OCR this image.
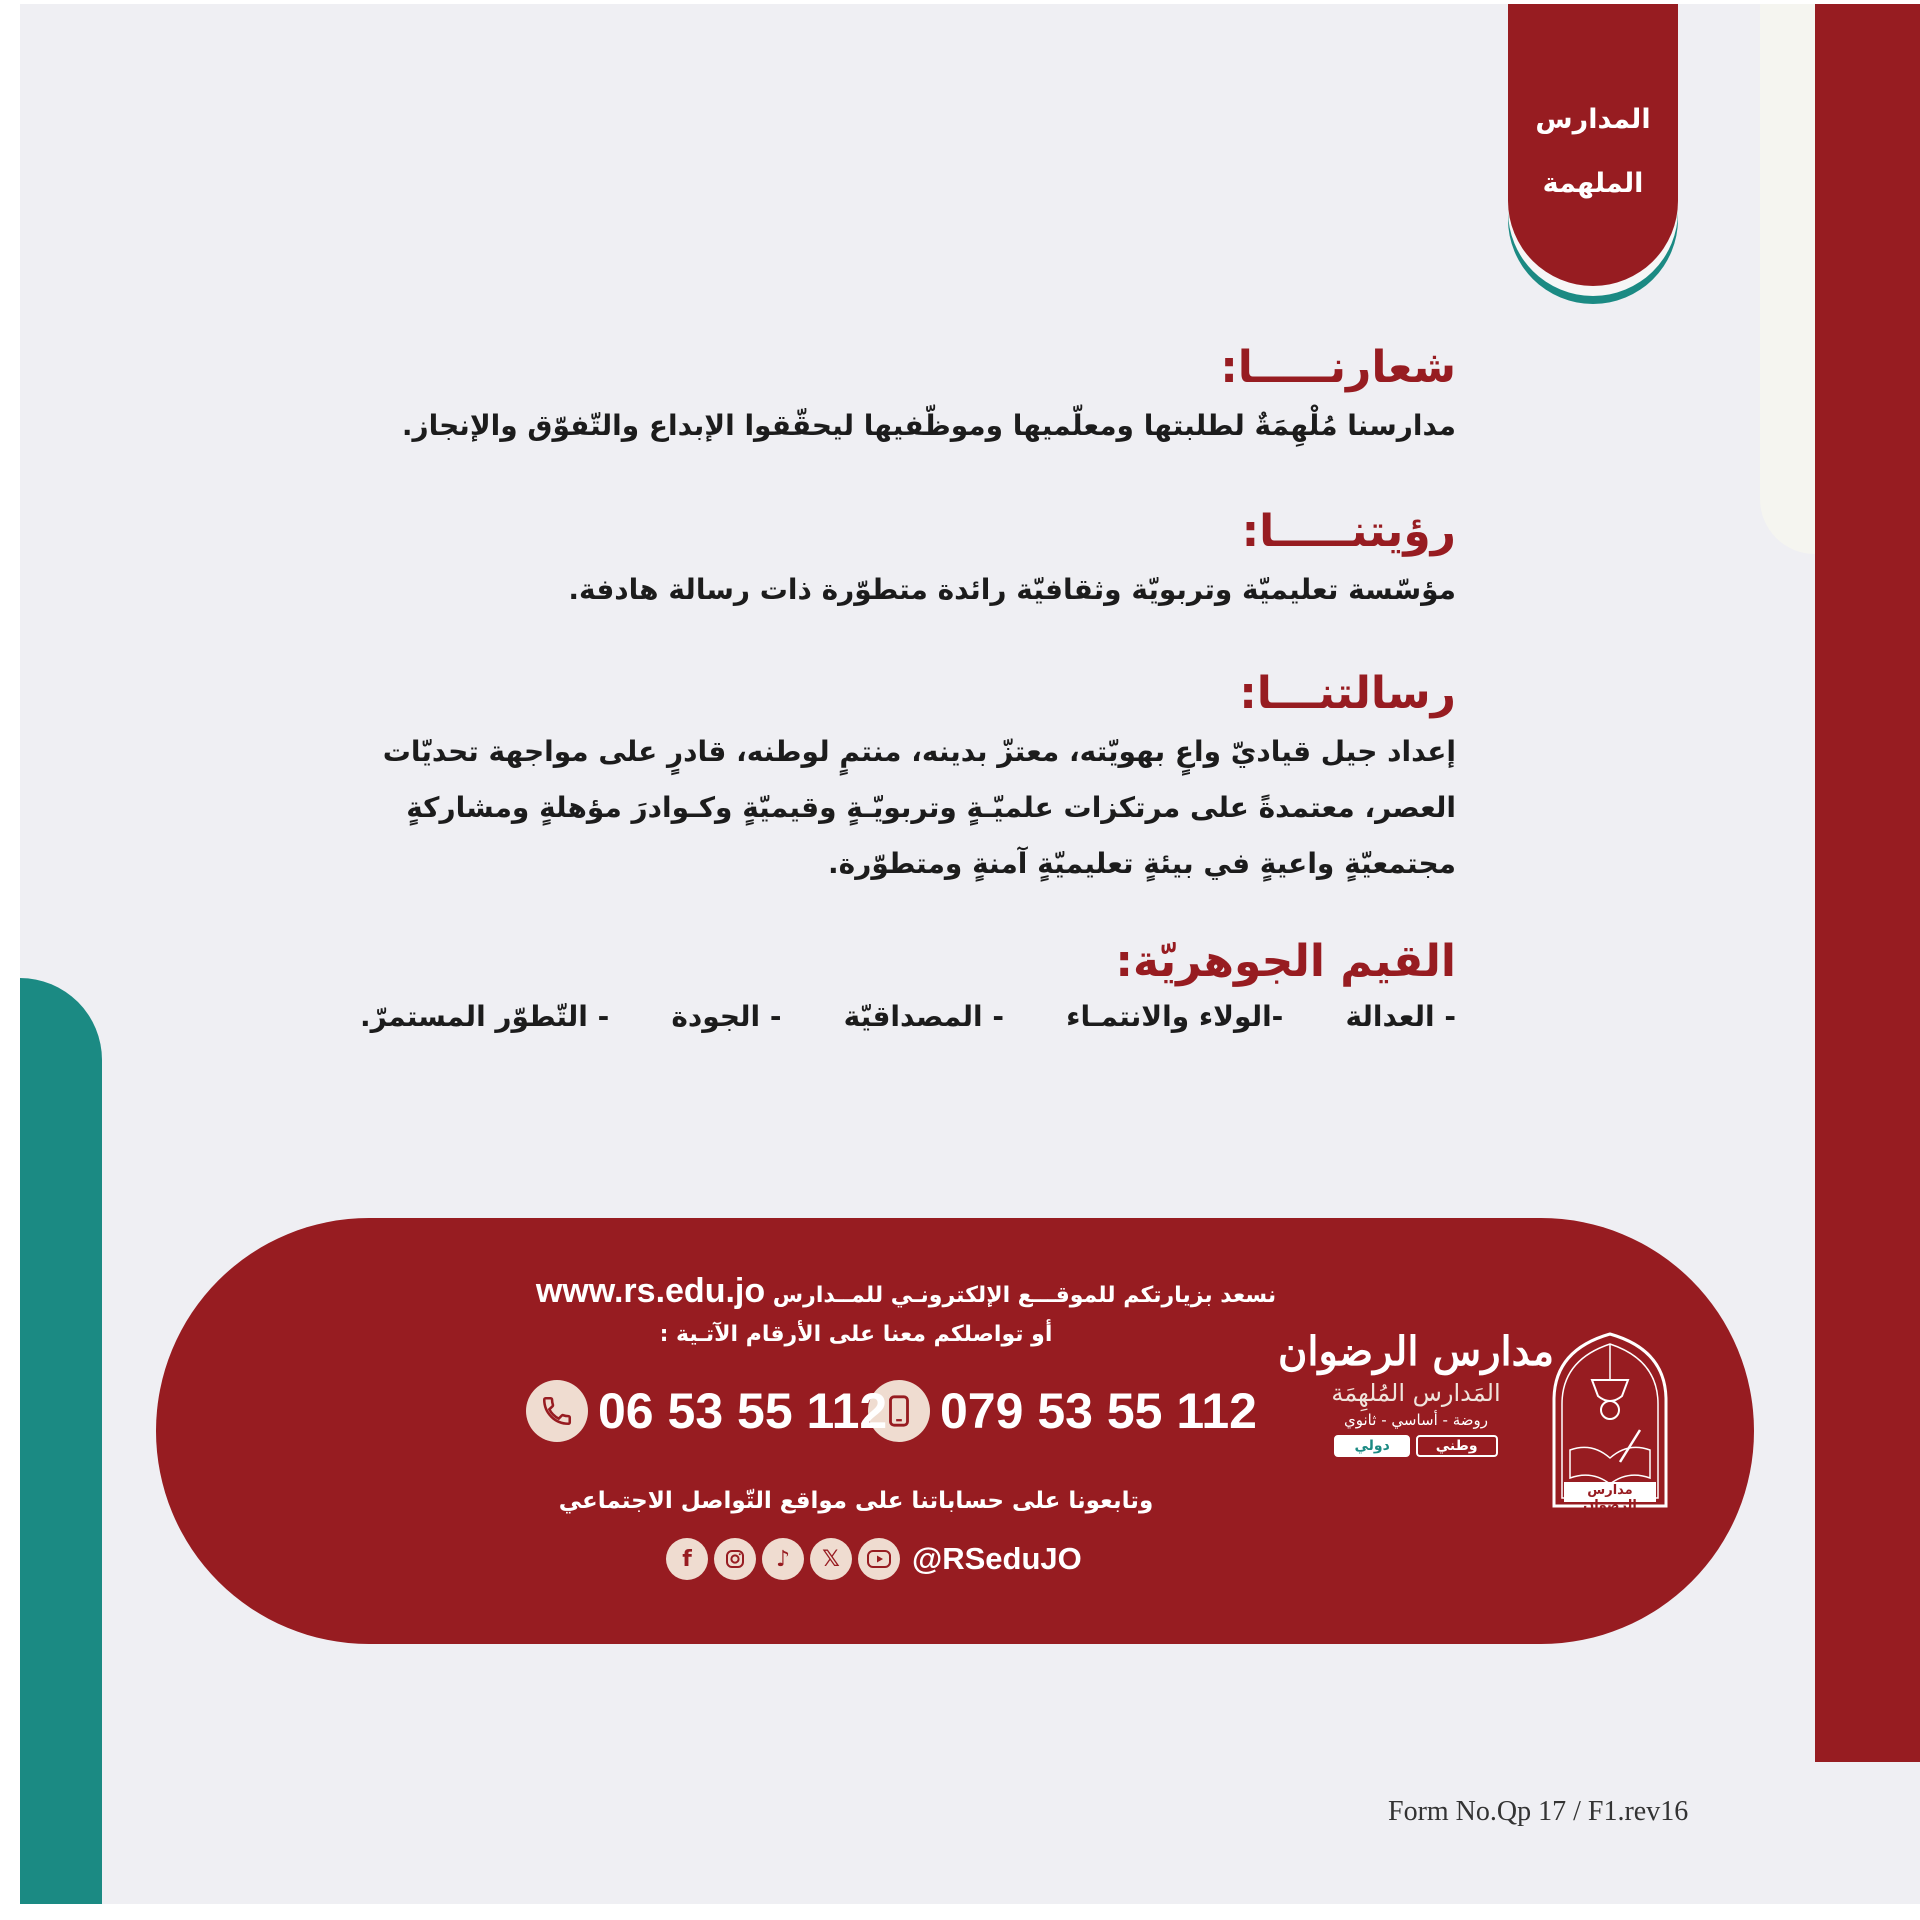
المدارس
الملهمة
شعارنـــــا:
مدارسنا مُلْهِمَةٌ لطلبتها ومعلّميها وموظّفيها ليحقّقوا الإبداع والتّفوّق والإنجاز.
رؤيتنـــــا:
مؤسّسة تعليميّة وتربويّة وثقافيّة رائدة متطوّرة ذات رسالة هادفة.
رسالتنـــا:
إعداد جيل قياديّ واعٍ بهويّته، معتزّ بدينه، منتمٍ لوطنه، قادرٍ على مواجهة تحديّات العصر، معتمدةً على مرتكزات علميّـةٍ وتربويّـةٍ وقيميّةٍ وكـوادرَ مؤهلةٍ ومشاركةٍ مجتمعيّةٍ واعيةٍ في بيئةٍ تعليميّةٍ آمنةٍ ومتطوّرة.
القيم الجوهريّة:
- العدالة
-الولاء والانتمـاء
- المصداقيّة
- الجودة
- التّطوّر المستمرّ.
نسعد بزيارتكم للموقـــع الإلكترونـي للمــدارس www.rs.edu.jo
أو تواصلكم معنا على الأرقام الآتـية :
079 53 55 112
06 53 55 112
وتابعونا على حساباتنا على مواقع التّواصل الاجتماعي
f	♪	𝕏	@RSeduJO
مدارس الرضوان
المَدارس المُلهِمَة
روضة - أساسي - ثانوي
دولي	وطني
مدارس الرضوان
Form No.Qp 17 / F1.rev16
